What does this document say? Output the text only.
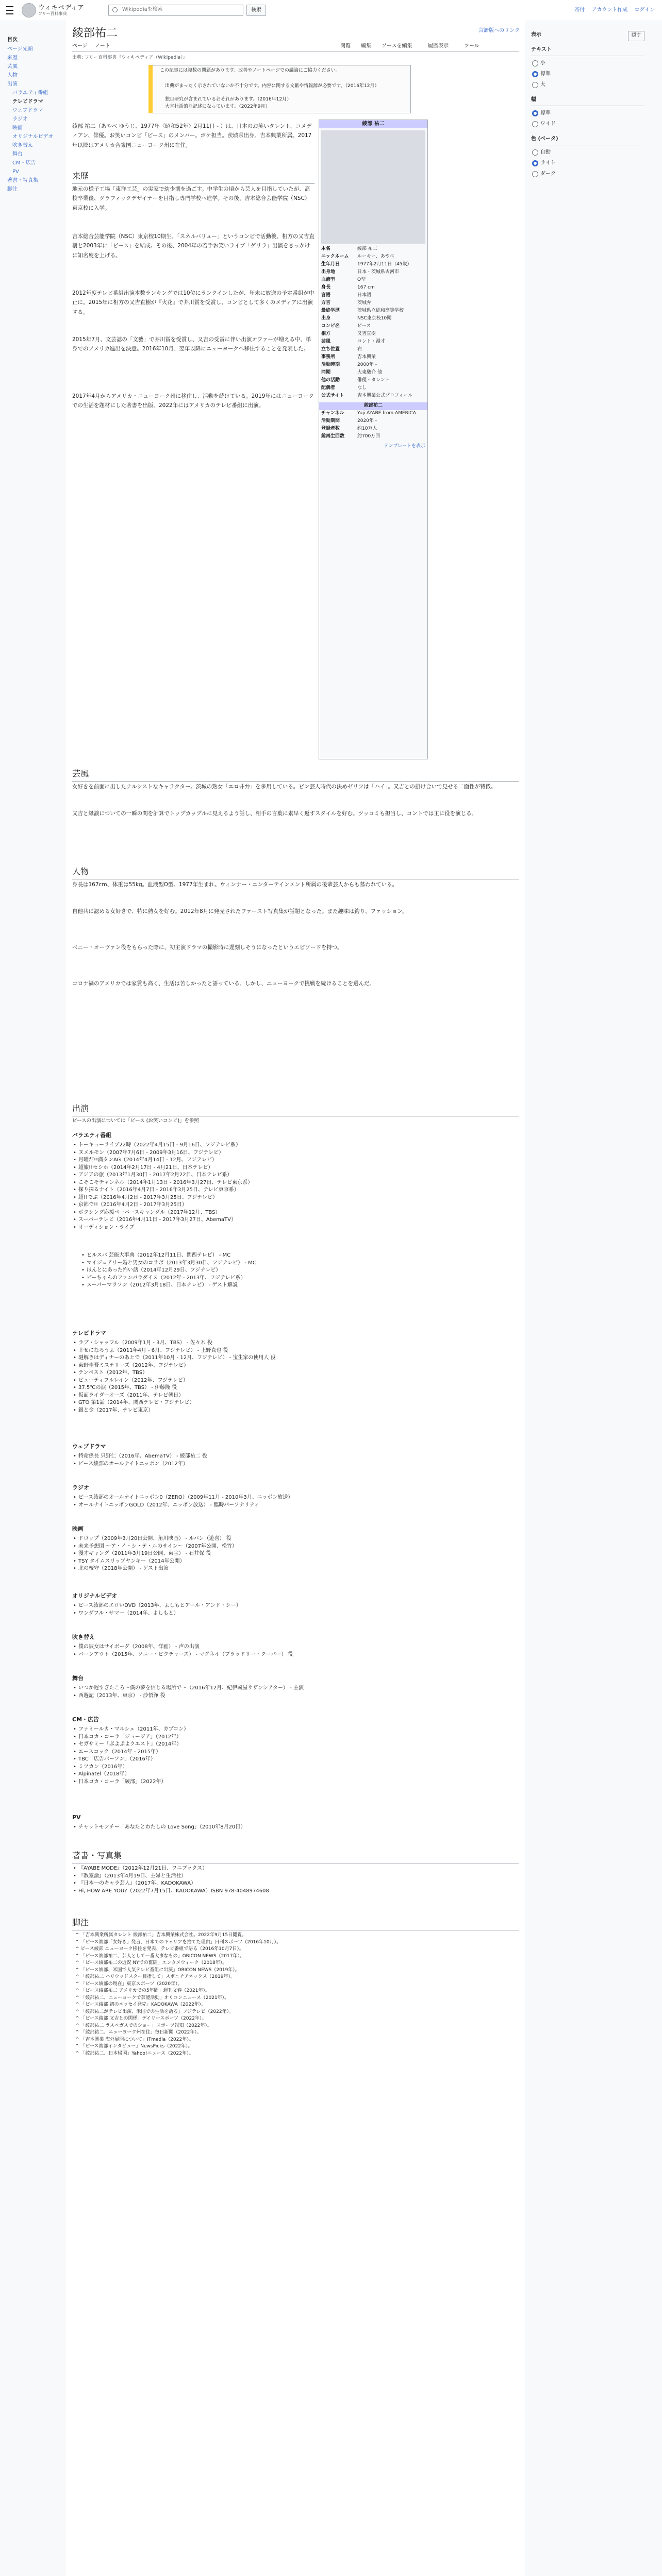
ウィキペディア
フリー百科事典
Wikipediaを検索
検索	寄付 アカウント作成 ログイン
目次
ページ先頭
来歴
芸風
人物
出演
バラエティ番組
テレビドラマ
ウェブドラマ
ラジオ
映画
オリジナルビデオ
吹き替え
舞台
CM・広告
PV
著書・写真集
脚注
綾部祐二	言語版へのリンク
ページ ノート	閲覧 編集 ソースを編集	履歴表示	ツール
出典: フリー百科事典『ウィキペディア（Wikipedia）』
この記事には複数の問題があります。改善やノートページでの議論にご協力ください。
出典がまったく示されていないか不十分です。内容に関する文献や情報源が必要です。（2016年12月）
独自研究が含まれているおそれがあります。（2016年12月）
大言壮語的な記述になっています。（2022年9月）
綾部 祐二（あやべ ゆうじ、1977年〈昭和52年〉2月11日 - ）は、日本のお笑いタレント、コメディアン、俳優。お笑いコンビ「ピース」のメンバー。ボケ担当。茨城県出身。吉本興業所属。2017年以降はアメリカ合衆国ニューヨーク州に在住。
来歴
地元の様子工場「東洋工芸」の実家で幼少期を過ごす。中学生の頃から芸人を目指していたが、高校卒業後、グラフィックデザイナーを目指し専門学校へ進学。その後、吉本総合芸能学院（NSC）東京校に入学。
吉本総合芸能学院（NSC）東京校10期生。「スネルバリュー」というコンビで活動後、相方の又吉直樹と2003年に「ピース」を結成。その後、2004年の若手お笑いライブ「ゲリラ」出演をきっかけに知名度を上げる。
2012年度テレビ番組出演本数ランキングでは10位にランクインしたが、年末に放送の予定番組が中止に。2015年に相方の又吉直樹が『火花』で芥川賞を受賞し、コンビとして多くのメディアに出演する。
2015年7月、文芸誌の「文藝」で芥川賞を受賞し、又吉の受賞に伴い出演オファーが増える中、単身でのアメリカ進出を決意。2016年10月、翌年以降にニューヨークへ移住することを発表した。
2017年4月からアメリカ・ニューヨーク州に移住し、活動を続けている。2019年にはニューヨークでの生活を題材にした著書を出版。2022年にはアメリカのテレビ番組に出演。
綾部 祐二
本名	綾部 祐二
ニックネーム	ルーキー、あやべ
生年月日	1977年2月11日（45歳）
出身地	日本・茨城県古河市
血液型	O型
身長	167 cm
言語	日本語
方言	茨城弁
最終学歴	茨城県立総和高等学校
出身	NSC東京校10期
コンビ名	ピース
相方	又吉直樹
芸風	コント・漫才
立ち位置	右
事務所	吉本興業
活動時期	2000年 -
同期	大東駿介 他
他の活動	俳優・タレント
配偶者	なし
公式サイト	吉本興業公式プロフィール
綾部祐二
チャンネル	Yuji AYABE from AMERICA
活動期間	2020年 -
登録者数	約10万人
総再生回数	約700万回
テンプレートを表示
芸風
女好きを前面に出したナルシストなキャラクター。茨城の熟女「エロ井弁」を多用している。ピン芸人時代の決めゼリフは「ハイ」。又吉との掛け合いで見せる二面性が特徴。
又吉と縁談についての一瞬の間を計算でトップカップルに見えるよう話し、相手の言葉に素早く返すスタイルを好む。ツッコミも担当し、コントでは主に役を演じる。
人物
身長は167cm、体重は55kg。血液型O型。1977年生まれ。ウィンナー・エンターテインメント所属の後輩芸人からも慕われている。
自他共に認める女好きで、特に熟女を好む。2012年8月に発売されたファースト写真集が話題となった。また趣味は釣り、ファッション。
ベニー・オーヴァン役をもらった際に、初主演ドラマの撮影時に遅刻しそうになったというエピソードを持つ。
コロナ禍のアメリカでは家賃も高く、生活は苦しかったと語っている。しかし、ニューヨークで挑戦を続けることを選んだ。
出演
ピースの出演については「ピース (お笑いコンビ)」を参照
バラエティ番組
• トーキョーライブ22時（2022年4月15日 - 9月16日、フジテレビ系）
• ヌメルモン（2007年7月6日 - 2009年3月16日、フジテレビ）
• 月曜だ!!満タンAG（2014年4月14日 - 12月、フジテレビ）
• 超旅!!セシホ（2014年2月17日 - 4月21日、日本テレビ）
• アジアの旅（2013年1月30日 - 2017年2月22日、日本テレビ系）
• こそこそチャンネル（2014年1月13日 - 2016年3月27日、テレビ東京系）
• 探り探るナイト（2016年4月7日 - 2016年3月25日、テレビ東京系）
• 超!!でぶ（2016年4月2日 - 2017年3月25日、フジテレビ）
• 京都で!!（2016年4月2日 - 2017年3月25日）
• ボクシング応援ペーパースキャンダル（2017年12月、TBS）
• スーパーテレビ（2016年4月11日 - 2017年3月27日、AbemaTV）
• オーディション・ライブ
• ヒルスパ 芸能大事典（2012年12月11日、関西テレビ） - MC
• マイジュアリー婚と男女のコラボ（2013年3月30日、フジテレビ） - MC
• ほんとにあった怖い話（2014年12月29日、フジテレビ）
• ピーちゃんのファンパラダイス（2012年 - 2013年、フジテレビ系）
• スーパーマラソン（2012年3月18日、日本テレビ） - ゲスト解説
テレビドラマ
• ラブ・シャッフル（2009年1月 - 3月、TBS） - 佐々木 役
• 幸せになろうよ（2011年4月 - 6月、フジテレビ） - 上野真也 役
• 謎解きはディナーのあとで（2011年10月 - 12月、フジテレビ） - 宝生家の使用人 役
• 東野圭吾ミステリーズ（2012年、フジテレビ）
• テンペスト（2012年、TBS）
• ビューティフルレイン（2012年、フジテレビ）
• 37.5℃の涙（2015年、TBS） - 伊藤隆 役
• 仮面ライダーオーズ（2011年、テレビ朝日）
• GTO 第1話（2014年、関西テレビ・フジテレビ）
• 銀と金（2017年、テレビ東京）
ウェブドラマ
• 特命係長 只野仁（2016年、AbemaTV） - 綾部祐二 役
• ピース綾部のオールナイトニッポン（2012年）
ラジオ
• ピース綾部のオールナイトニッポン0（ZERO）（2009年11月 - 2010年3月、ニッポン放送）
• オールナイトニッポンGOLD（2012年、ニッポン放送） - 臨時パーソナリティ
映画
• ドロップ（2009年3月20日公開、角川映画） - ルパン（遊喜） 役
• 未来予想図 〜ア・イ・シ・テ・ルのサイン〜（2007年公開、松竹）
• 漫才ギャング（2011年3月19日公開、東宝） - 石井保 役
• TSY タイムスリップヤンキー（2014年公開）
• 北の桜守（2018年公開） - ゲスト出演
オリジナルビデオ
• ピース綾部のエロいDVD（2013年、よしもとアール・アンド・シー）
• ワンダフル・サマー（2014年、よしもと）
吹き替え
• 僕の彼女はサイボーグ（2008年、洋画） - 声の出演
• バーンアウト（2015年、ソニー・ピクチャーズ） - マグネイ（ブラッドリー・クーパー） 役
舞台
• いつか遅すぎたころ〜僕の夢を信じる場所で〜（2016年12月、紀伊國屋サザンシアター） - 主演
• 西遊記（2013年、東京） - 沙悟浄 役
CM・広告
• ファミールカ・マルシェ（2011年、カプコン）
• 日本コカ・コーラ「ジョージア」（2012年）
• セガサミー「ぷよぷよクエスト」（2014年）
• エースコック（2014年 - 2015年）
• TBC「広告パーソン」（2016年）
• ミツカン（2016年）
• Alpinatel（2018年）
• 日本コカ・コーラ「綾部」（2022年）
PV
• チャットモンチー「あなたとわたしの Love Song」（2010年8月20日）
著書・写真集
• 『AYABE MODE』（2012年12月21日、ワニブックス）
• 『教室論』（2013年4月19日、主婦と生活社）
• 『日本一のキャラ芸人』（2017年、KADOKAWA）
• Hi, HOW ARE YOU?（2022年7月15日、KADOKAWA）ISBN 978-4048974608
脚注
^ 「吉本興業所属タレント 綾部祐二」吉本興業株式会社。2022年9月15日閲覧。
^ 「ピース綾部「女好き」発言、日本でのキャリアを捨てた理由」日刊スポーツ（2016年10月）。
^ ピース綾部 ニューヨーク移住を発表、テレビ番組で語る（2016年10月7日）。
^ 「ピース綾部祐二、芸人として一番大事なもの」ORICON NEWS（2017年）。
^ 「ピース綾部祐二の近況 NYでの奮闘」エンタメウィーク（2018年）。
^ 「ピース綾部、米国で人気テレビ番組に出演」ORICON NEWS（2019年）。
^ 「綾部祐二 ハリウッドスター目指して」スポニチアネックス（2019年）。
^ 「ピース綾部の現在」東京スポーツ（2020年）。
^ 「ピース綾部祐二 アメリカでの5年間」週刊文春（2021年）。
^ 「綾部祐二、ニューヨークで芸能活動」オリコンニュース（2021年）。
^ 「ピース綾部 初のエッセイ発売」KADOKAWA（2022年）。
^ 「綾部祐二がテレビ出演、米国での生活を語る」フジテレビ（2022年）。
^ 「ピース綾部 又吉との関係」デイリースポーツ（2022年）。
^ 「綾部祐二 ラスベガスでのショー」スポーツ報知（2022年）。
^ 「綾部祐二、ニューヨーク州在住」毎日新聞（2022年）。
^ 「吉本興業 海外展開について」ITmedia（2022年）。
^ 「ピース綾部インタビュー」NewsPicks（2022年）。
^ 「綾部祐二、日本帰国」Yahoo!ニュース（2022年）。
表示	隠す
テキスト
小
標準
大
幅
標準
ワイド
色 (ベータ)
自動
ライト
ダーク
